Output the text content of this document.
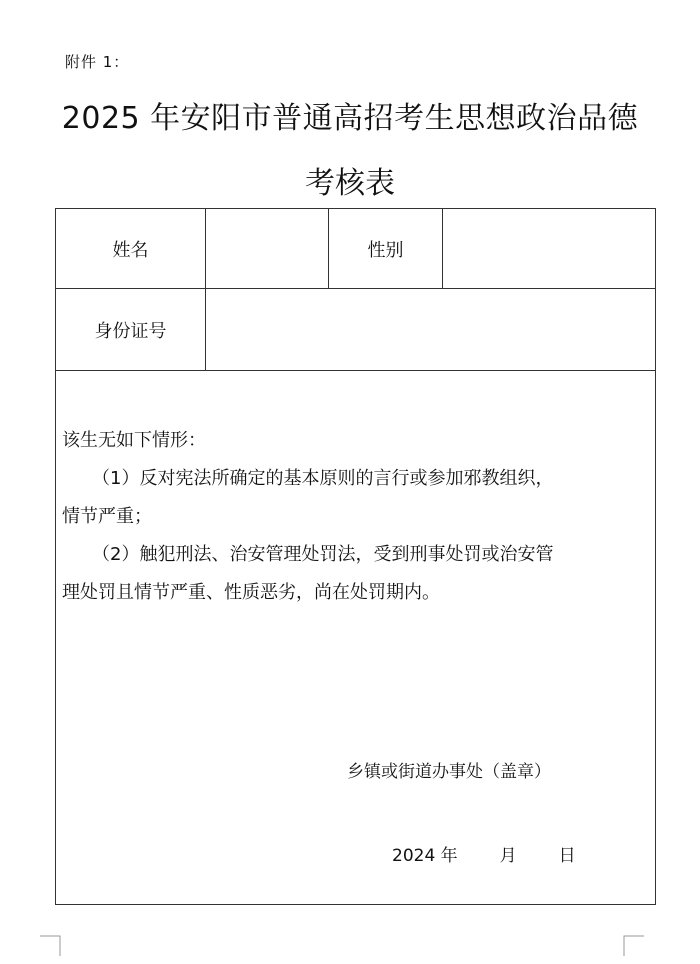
附件 1：
2025 年安阳市普通高招考生思想政治品德
考核表
姓名	性别
身份证号

该生无如下情形：

（1）反对宪法所确定的基本原则的言行或参加邪教组织，

情节严重；

（2）触犯刑法、治安管理处罚法，受到刑事处罚或治安管

理处罚且情节严重、性质恶劣，尚在处罚期内。

乡镇或街道办事处（盖章）
2024 年 月 日
